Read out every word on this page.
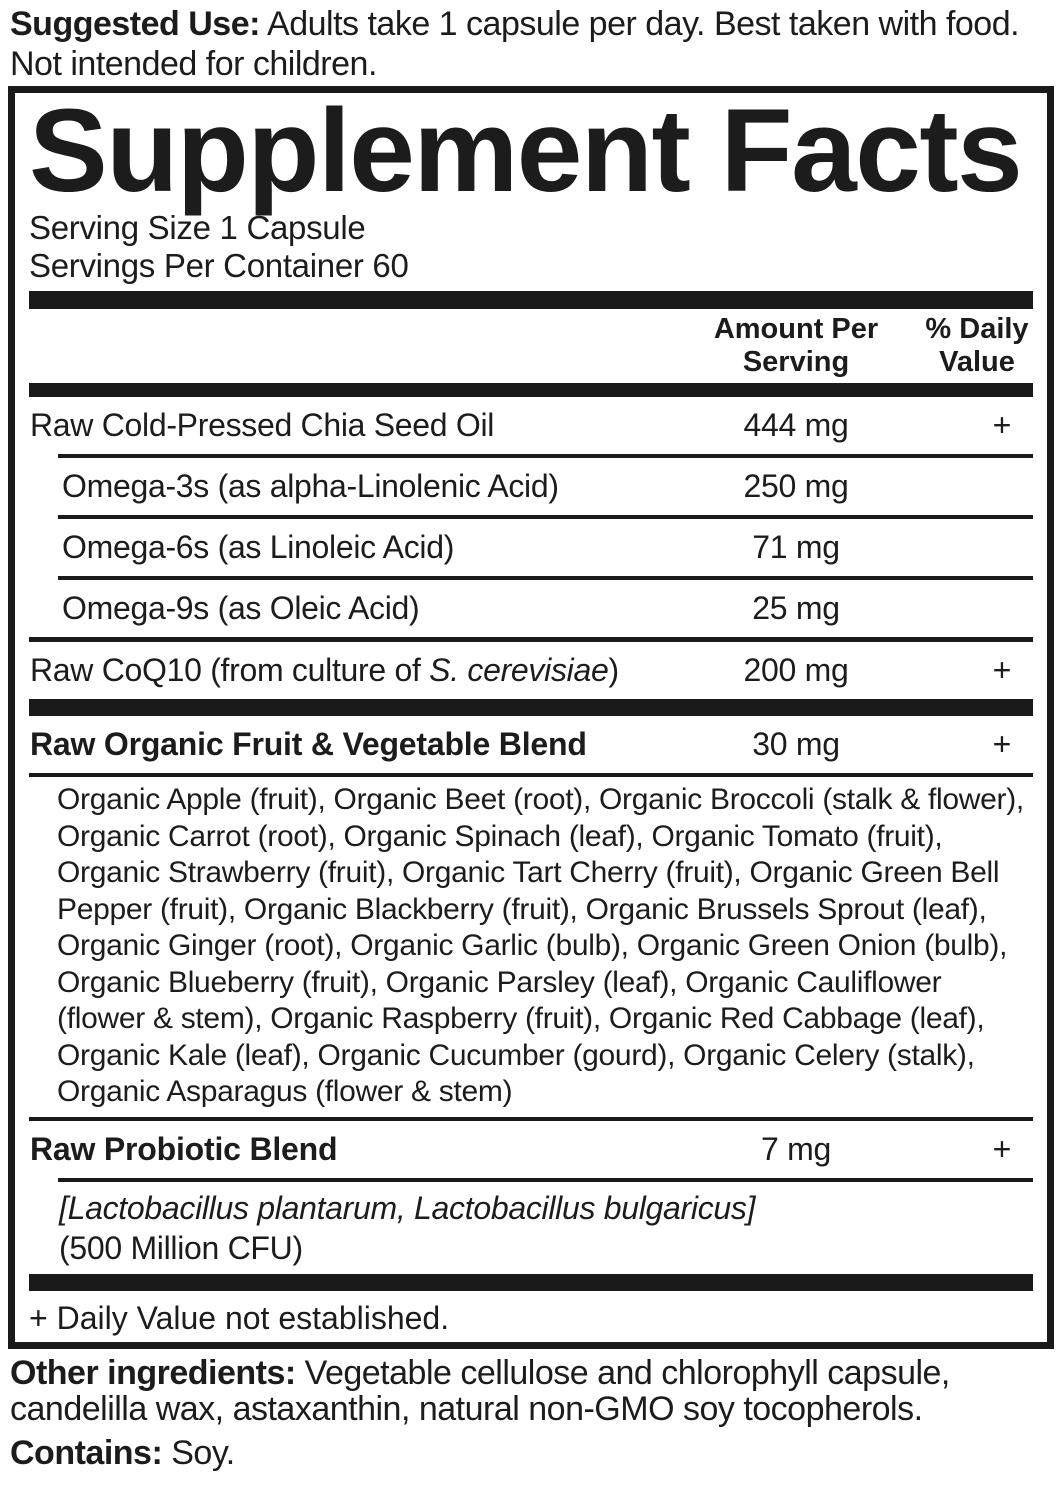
Suggested Use: Adults take 1 capsule per day. Best taken with food. Not intended for children.

Supplement Facts
Serving Size 1 Capsule
Servings Per Container 60
Amount Per
Serving
% Daily
Value
Raw Cold-Pressed Chia Seed Oil	444 mg	+
Omega-3s (as alpha-Linolenic Acid)	250 mg
Omega-6s (as Linoleic Acid)	71 mg
Omega-9s (as Oleic Acid)	25 mg
Raw CoQ10 (from culture of S. cerevisiae)	200 mg	+
Raw Organic Fruit & Vegetable Blend	30 mg	+
Organic Apple (fruit), Organic Beet (root), Organic Broccoli (stalk & flower), Organic Carrot (root), Organic Spinach (leaf), Organic Tomato (fruit), Organic Strawberry (fruit), Organic Tart Cherry (fruit), Organic Green Bell Pepper (fruit), Organic Blackberry (fruit), Organic Brussels Sprout (leaf), Organic Ginger (root), Organic Garlic (bulb), Organic Green Onion (bulb), Organic Blueberry (fruit), Organic Parsley (leaf), Organic Cauliflower (flower & stem), Organic Raspberry (fruit), Organic Red Cabbage (leaf), Organic Kale (leaf), Organic Cucumber (gourd), Organic Celery (stalk), Organic Asparagus (flower & stem)
Raw Probiotic Blend	7 mg	+
[Lactobacillus plantarum, Lactobacillus bulgaricus]
(500 Million CFU)
+ Daily Value not established.

Other ingredients: Vegetable cellulose and chlorophyll capsule, candelilla wax, astaxanthin, natural non-GMO soy tocopherols.

Contains: Soy.
